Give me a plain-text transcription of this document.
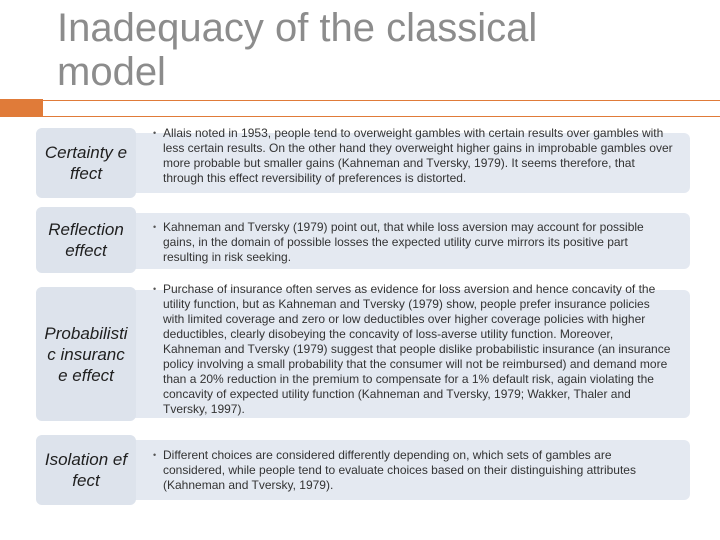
Inadequacy of the classical model
Certainty effect
• Allais noted in 1953, people tend to overweight gambles with certain results over gambles with less certain results. On the other hand they overweight higher gains in improbable gambles over more probable but smaller gains (Kahneman and Tversky, 1979). It seems therefore, that through this effect reversibility of preferences is distorted.
Reflection effect
• Kahneman and Tversky (1979) point out, that while loss aversion may account for possible gains, in the domain of possible losses the expected utility curve mirrors its positive part resulting in risk seeking.
Probabilistic insurance effect
• Purchase of insurance often serves as evidence for loss aversion and hence concavity of the utility function, but as Kahneman and Tversky (1979) show, people prefer insurance policies with limited coverage and zero or low deductibles over higher coverage policies with higher deductibles, clearly disobeying the concavity of loss-averse utility function. Moreover, Kahneman and Tversky (1979) suggest that people dislike probabilistic insurance (an insurance policy involving a small probability that the consumer will not be reimbursed) and demand more than a 20% reduction in the premium to compensate for a 1% default risk, again violating the concavity of expected utility function (Kahneman and Tversky, 1979; Wakker, Thaler and Tversky, 1997).
Isolation effect
• Different choices are considered differently depending on, which sets of gambles are considered, while people tend to evaluate choices based on their distinguishing attributes (Kahneman and Tversky, 1979).
